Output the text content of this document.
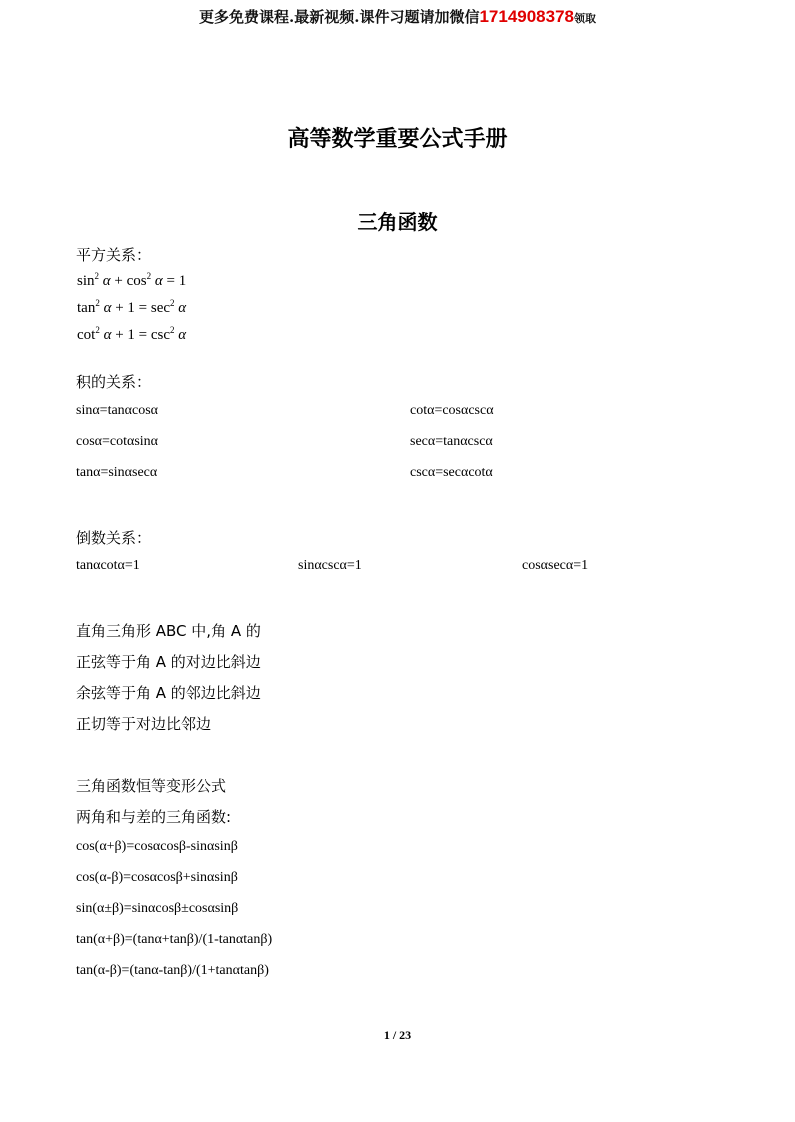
更多免费课程.最新视频.课件习题请加微信1714908378领取
高等数学重要公式手册
三角函数
平方关系：
$\sin^2 \alpha + \cos^2 \alpha = 1$
$\tan^2 \alpha + 1 = \sec^2 \alpha$
$\cot^2 \alpha + 1 = \csc^2 \alpha$
积的关系：
sinα=tanαcosα
cosα=cotαsinα
tanα=sinαsecα
cotα=cosαcscα
secα=tanαcscα
cscα=secαcotα
倒数关系：
tanαcotα=1	sinαcscα=1	cosαsecα=1
直角三角形 ABC 中,角 A 的
正弦等于角 A 的对边比斜边
余弦等于角 A 的邻边比斜边
正切等于对边比邻边
三角函数恒等变形公式
两角和与差的三角函数:
cos(α+β)=cosαcosβ-sinαsinβ
cos(α-β)=cosαcosβ+sinαsinβ
sin(α±β)=sinαcosβ±cosαsinβ
tan(α+β)=(tanα+tanβ)/(1-tanαtanβ)
tan(α-β)=(tanα-tanβ)/(1+tanαtanβ)
1 / 23
